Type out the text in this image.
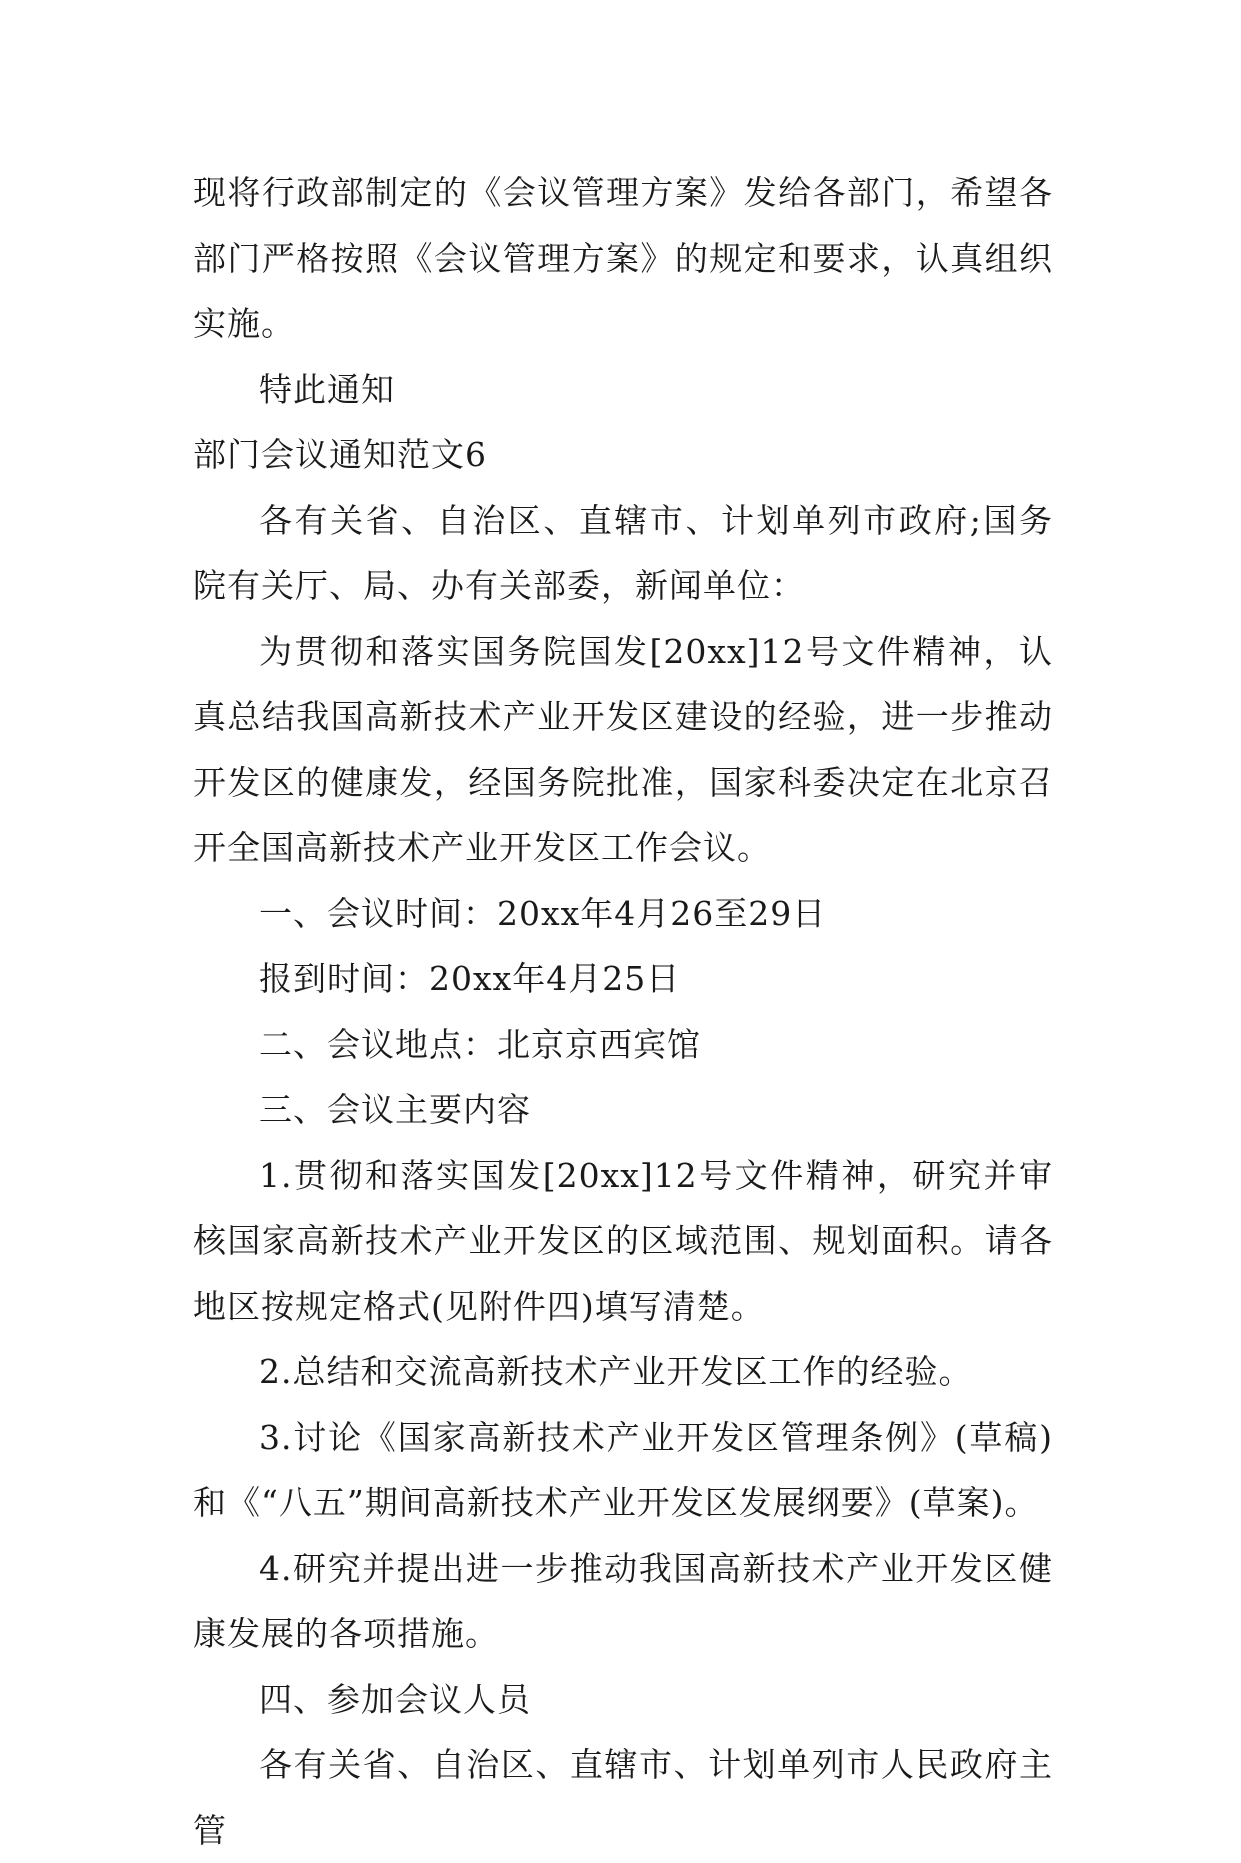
现将行政部制定的《会议管理方案》发给各部门，希望各部门严格按照《会议管理方案》的规定和要求，认真组织实施。

特此通知

部门会议通知范文6

各有关省、自治区、直辖市、计划单列市政府;国务院有关厅、局、办有关部委，新闻单位：

为贯彻和落实国务院国发[20xx]12号文件精神，认真总结我国高新技术产业开发区建设的经验，进一步推动开发区的健康发，经国务院批准，国家科委决定在北京召开全国高新技术产业开发区工作会议。

一、会议时间：20xx年4月26至29日

报到时间：20xx年4月25日

二、会议地点：北京京西宾馆

三、会议主要内容

1.贯彻和落实国发[20xx]12号文件精神，研究并审核国家高新技术产业开发区的区域范围、规划面积。请各地区按规定格式(见附件四)填写清楚。

2.总结和交流高新技术产业开发区工作的经验。

3.讨论《国家高新技术产业开发区管理条例》(草稿)和《“八五”期间高新技术产业开发区发展纲要》(草案)。

4.研究并提出进一步推动我国高新技术产业开发区健康发展的各项措施。

四、参加会议人员

各有关省、自治区、直辖市、计划单列市人民政府主管
